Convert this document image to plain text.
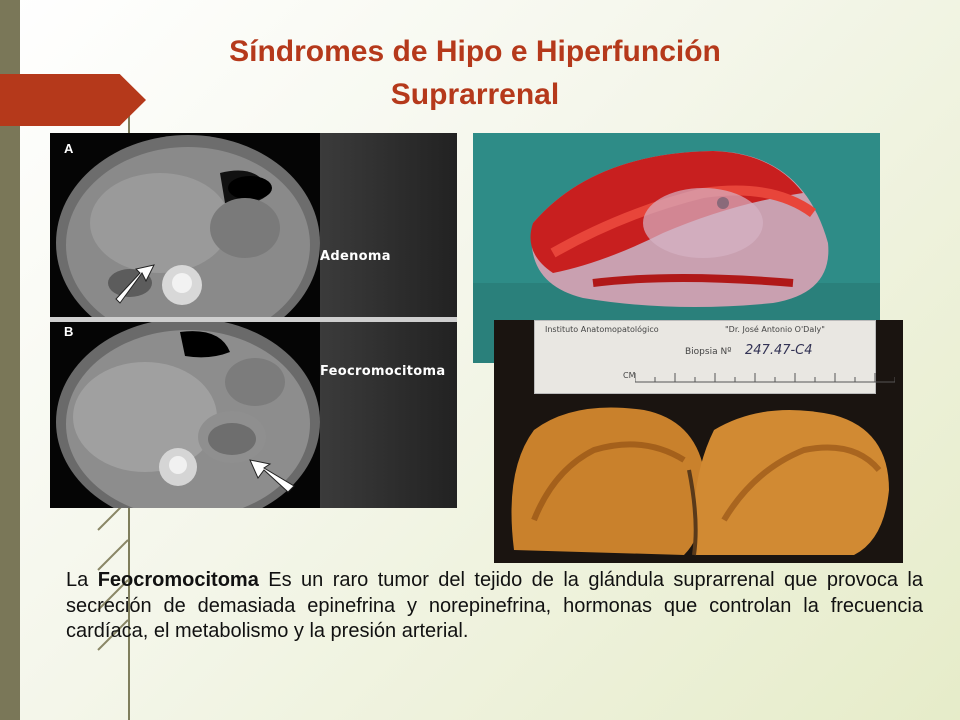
Síndromes de Hipo e Hiperfunción
Suprarrenal
A
B
Adenoma
Feocromocitoma
Instituto Anatomopatológico	"Dr. José Antonio O'Daly"
Biopsia Nº 247.47-C4
CM
La Feocromocitoma Es un raro tumor del tejido de la glándula suprarrenal que provoca la secreción de demasiada epinefrina y norepinefrina, hormonas que controlan la frecuencia cardíaca, el metabolismo y la presión arterial.
